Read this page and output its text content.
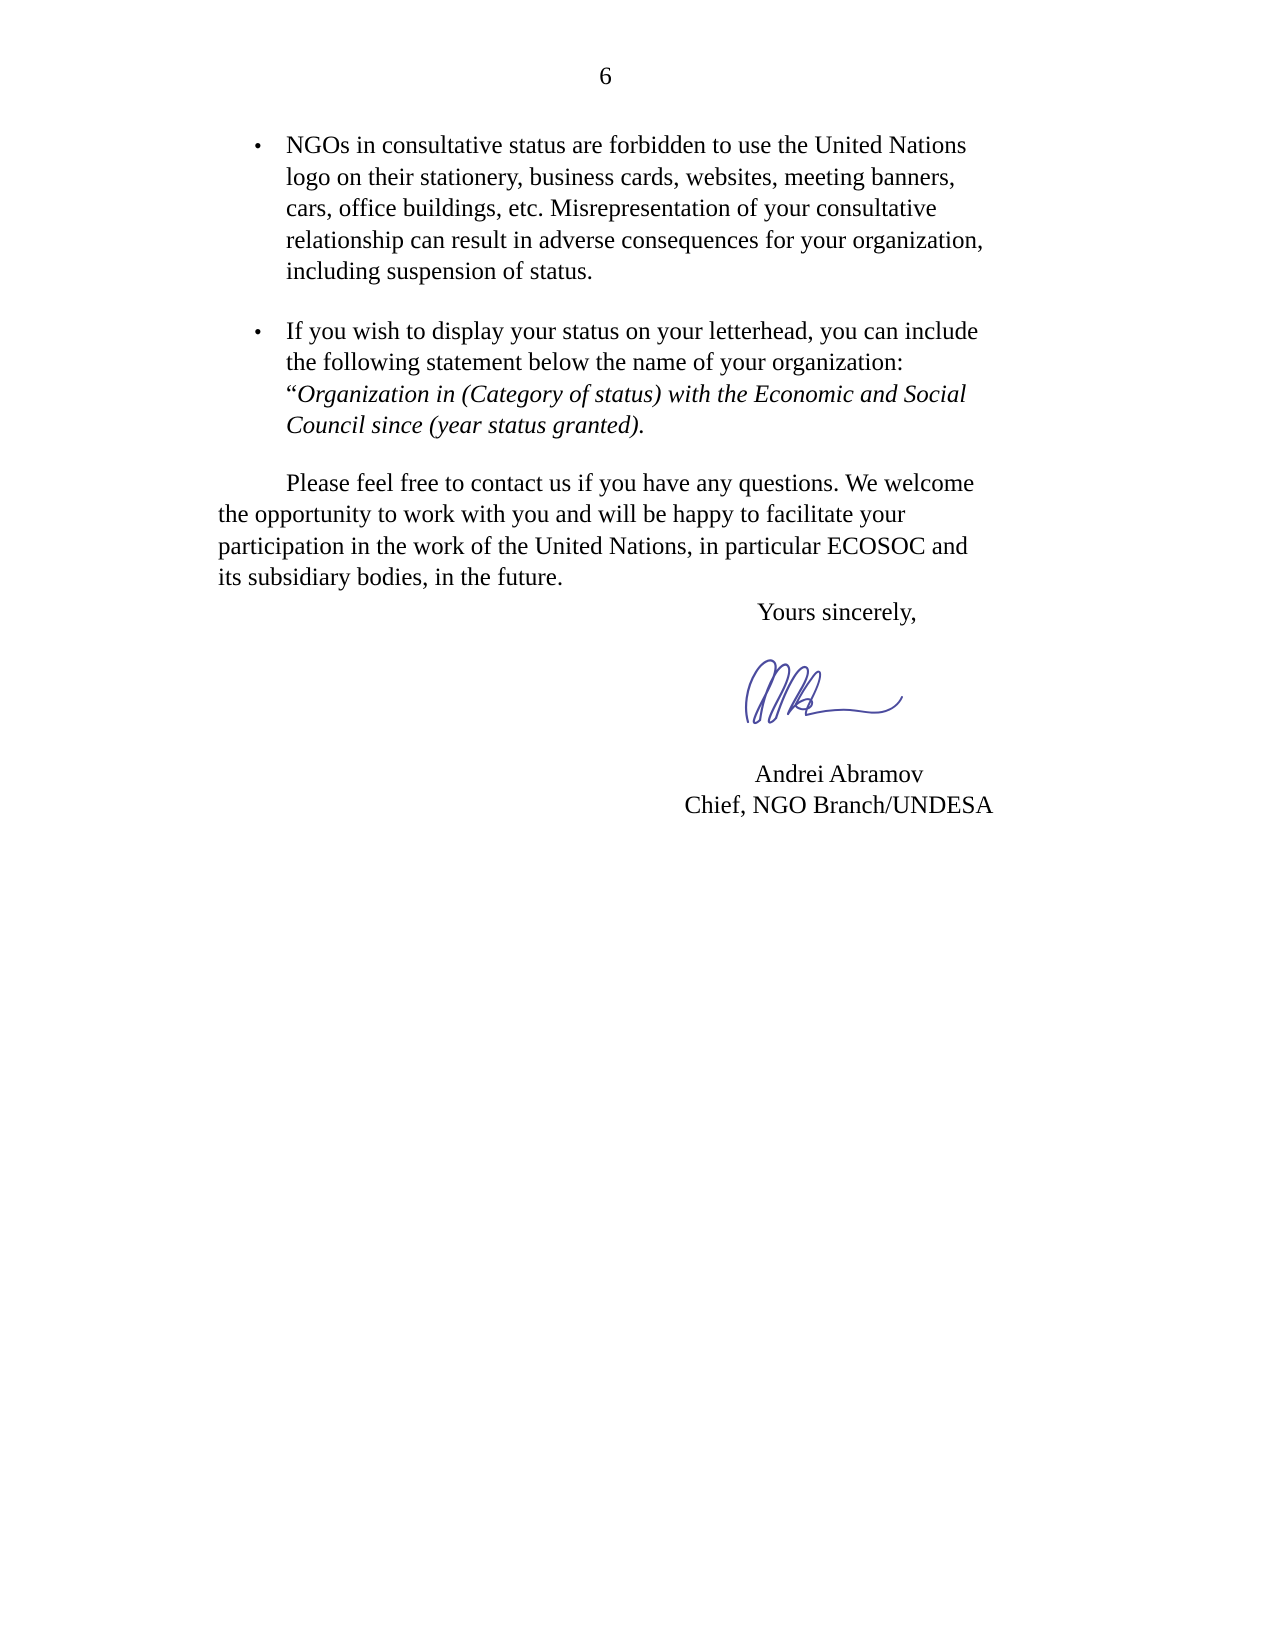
6
• NGOs in consultative status are forbidden to use the United Nations logo on their stationery, business cards, websites, meeting banners, cars, office buildings, etc. Misrepresentation of your consultative relationship can result in adverse consequences for your organization, including suspension of status.
• If you wish to display your status on your letterhead, you can include the following statement below the name of your organization: “Organization in (Category of status) with the Economic and Social Council since (year status granted).

Please feel free to contact us if you have any questions. We welcome the opportunity to work with you and will be happy to facilitate your participation in the work of the United Nations, in particular ECOSOC and its subsidiary bodies, in the future.

Yours sincerely,
Andrei Abramov
Chief, NGO Branch/UNDESA
